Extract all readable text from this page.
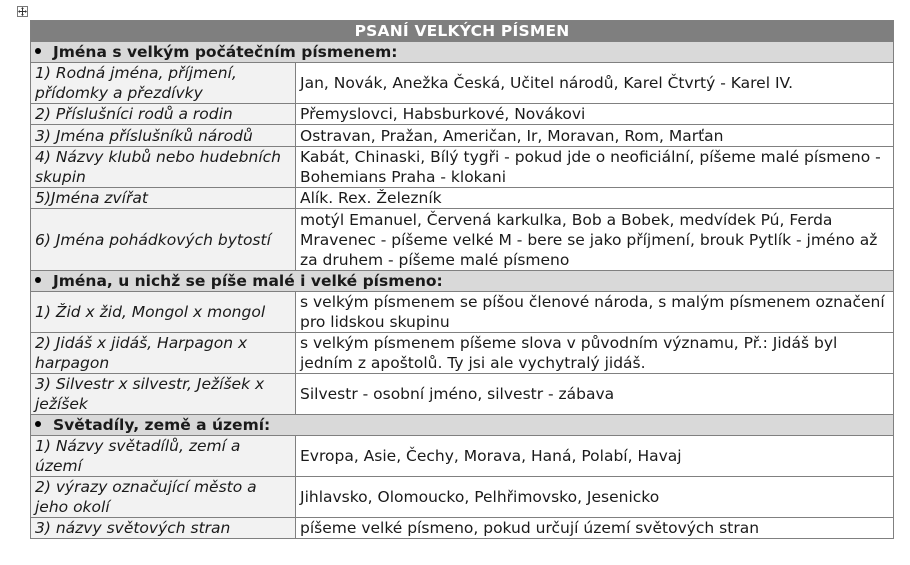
PSANÍ VELKÝCH PÍSMEN	
Jména s velkým počátečním písmenem:	
1) Rodná jména, příjmení, přídomky a přezdívky	Jan, Novák, Anežka Česká, Učitel národů, Karel Čtvrtý - Karel IV.
2) Příslušníci rodů a rodin	Přemyslovci, Habsburkové, Novákovi
3) Jména příslušníků národů	Ostravan, Pražan, Američan, Ir, Moravan, Rom, Marťan
4) Názvy klubů nebo hudebních skupin	Kabát, Chinaski, Bílý tygři - pokud jde o neoficiální, píšeme malé písmeno - Bohemians Praha - klokani
5)Jména zvířat	Alík. Rex. Železník
6) Jména pohádkových bytostí	motýl Emanuel, Červená karkulka, Bob a Bobek, medvídek Pú, Ferda Mravenec - píšeme velké M - bere se jako příjmení, brouk Pytlík - jméno až za druhem - píšeme malé písmeno
Jména, u nichž se píše malé i velké písmeno:	
1) Žid x žid, Mongol x mongol	s velkým písmenem se píšou členové národa, s malým písmenem označení pro lidskou skupinu
2) Jidáš x jidáš, Harpagon x harpagon	s velkým písmenem píšeme slova v původním významu, Př.: Jidáš byl jedním z apoštolů. Ty jsi ale vychytralý jidáš.
3) Silvestr x silvestr, Ježíšek x ježíšek	Silvestr - osobní jméno, silvestr - zábava
Světadíly, země a území:	
1) Názvy světadílů, zemí a území	Evropa, Asie, Čechy, Morava, Haná, Polabí, Havaj
2) výrazy označující město a jeho okolí	Jihlavsko, Olomoucko, Pelhřimovsko, Jesenicko
3) názvy světových stran	píšeme velké písmeno, pokud určují území světových stran
